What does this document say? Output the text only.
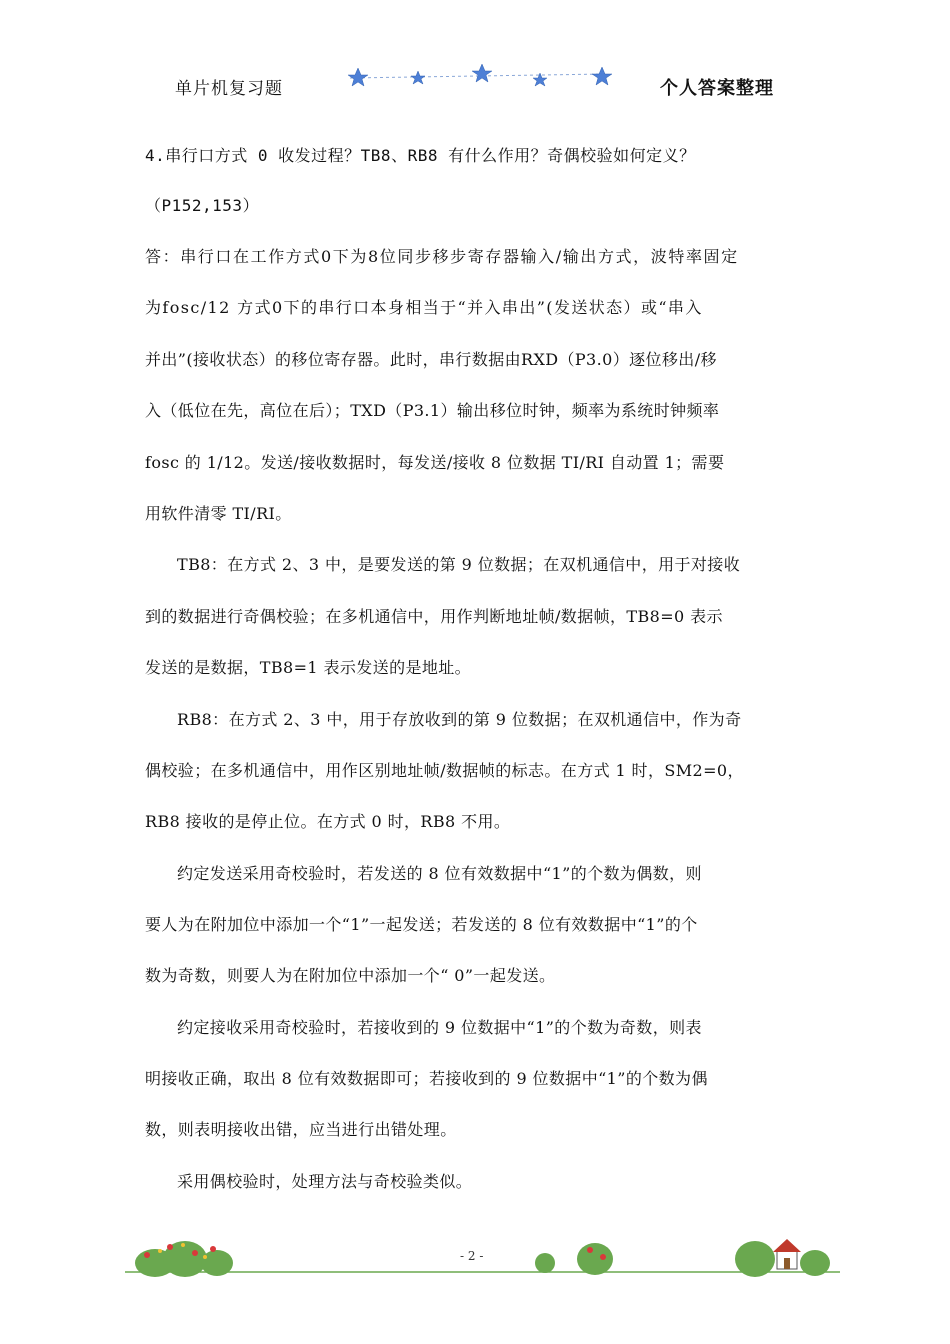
单片机复习题	个人答案整理
4.串行口方式 0 收发过程？TB8、RB8 有什么作用？奇偶校验如何定义？
（P152,153）
答：串行口在工作方式0下为8位同步移步寄存器输入/输出方式，波特率固定
为fosc/12 方式0下的串行口本身相当于“并入串出”(发送状态）或“串入
并出”(接收状态）的移位寄存器。此时，串行数据由RXD（P3.0）逐位移出/移
入（低位在先，高位在后）；TXD（P3.1）输出移位时钟，频率为系统时钟频率
fosc 的 1/12。发送/接收数据时，每发送/接收 8 位数据 TI/RI 自动置 1；需要
用软件清零 TI/RI。
TB8：在方式 2、3 中，是要发送的第 9 位数据；在双机通信中，用于对接收
到的数据进行奇偶校验；在多机通信中，用作判断地址帧/数据帧，TB8=0 表示
发送的是数据，TB8=1 表示发送的是地址。
RB8：在方式 2、3 中，用于存放收到的第 9 位数据；在双机通信中，作为奇
偶校验；在多机通信中，用作区别地址帧/数据帧的标志。在方式 1 时，SM2=0，
RB8 接收的是停止位。在方式 0 时，RB8 不用。
约定发送采用奇校验时，若发送的 8 位有效数据中“1”的个数为偶数，则
要人为在附加位中添加一个“1”一起发送；若发送的 8 位有效数据中“1”的个
数为奇数，则要人为在附加位中添加一个“ 0”一起发送。
约定接收采用奇校验时，若接收到的 9 位数据中“1”的个数为奇数，则表
明接收正确，取出 8 位有效数据即可；若接收到的 9 位数据中“1”的个数为偶
数，则表明接收出错，应当进行出错处理。
采用偶校验时，处理方法与奇校验类似。
- 2 -
